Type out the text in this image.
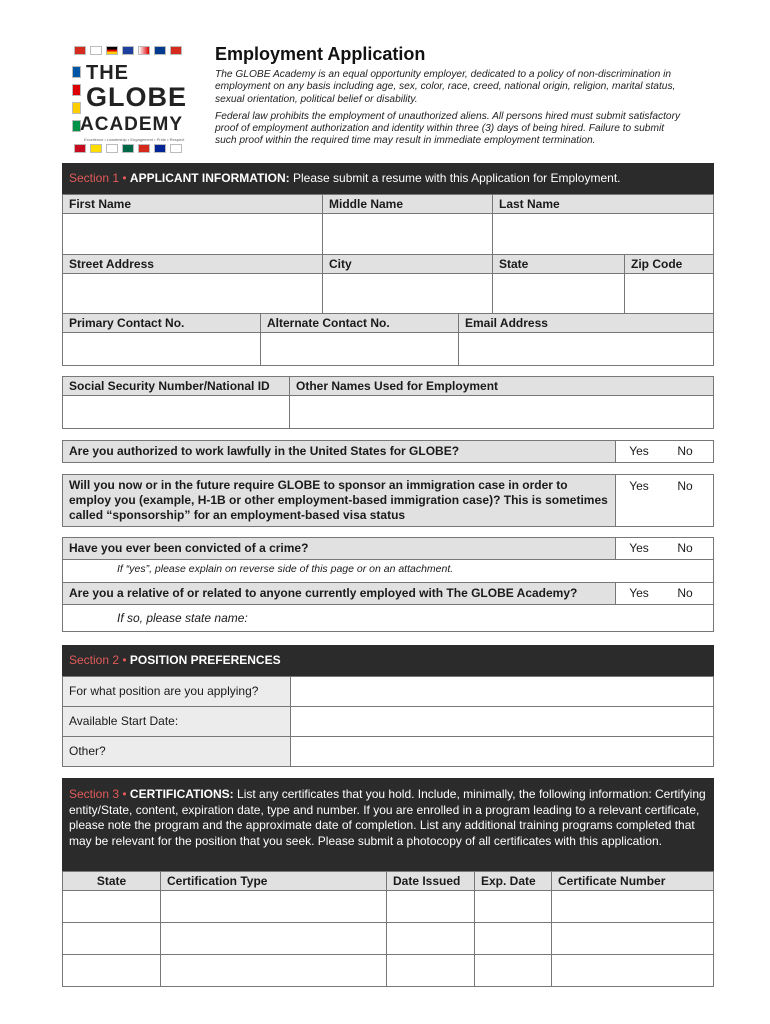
THE
GLOBE
ACADEMY
Excellence • Leadership • Engagement • Pride • Respect
Employment Application

The GLOBE Academy is an equal opportunity employer, dedicated to a policy of non-discrimination in employment on any basis including age, sex, color, race, creed, national origin, religion, marital status, sexual orientation, political belief or disability.

Federal law prohibits the employment of unauthorized aliens. All persons hired must submit satisfactory proof of employment authorization and identity within three (3) days of being hired. Failure to submit such proof within the required time may result in immediate employment termination.

Section 1 • APPLICANT INFORMATION: Please submit a resume with this Application for Employment.
First Name	Middle Name	Last Name

Street Address	City	State	Zip Code

Primary Contact No.	Alternate Contact No.	Email Address

Social Security Number/National ID	Other Names Used for Employment

Are you authorized to work lawfully in the United States for GLOBE?	Yes No
Will you now or in the future require GLOBE to sponsor an immigration case in order to employ you (example, H-1B or other employment-based immigration case)? This is sometimes called “sponsorship” for an employment-based visa status	Yes No
Have you ever been convicted of a crime?	Yes No
If “yes”, please explain on reverse side of this page or on an attachment.
Are you a relative of or related to anyone currently employed with The GLOBE Academy?	Yes No
If so, please state name:
Section 2 • POSITION PREFERENCES
For what position are you applying?	
Available Start Date:	
Other?	
Section 3 • CERTIFICATIONS: List any certificates that you hold. Include, minimally, the following information: Certifying entity/State, content, expiration date, type and number. If you are enrolled in a program leading to a relevant certificate, please note the program and the approximate date of completion. List any additional training programs completed that may be relevant for the position that you seek. Please submit a photocopy of all certificates with this application.
State	Certification Type	Date Issued	Exp. Date	Certificate Number
